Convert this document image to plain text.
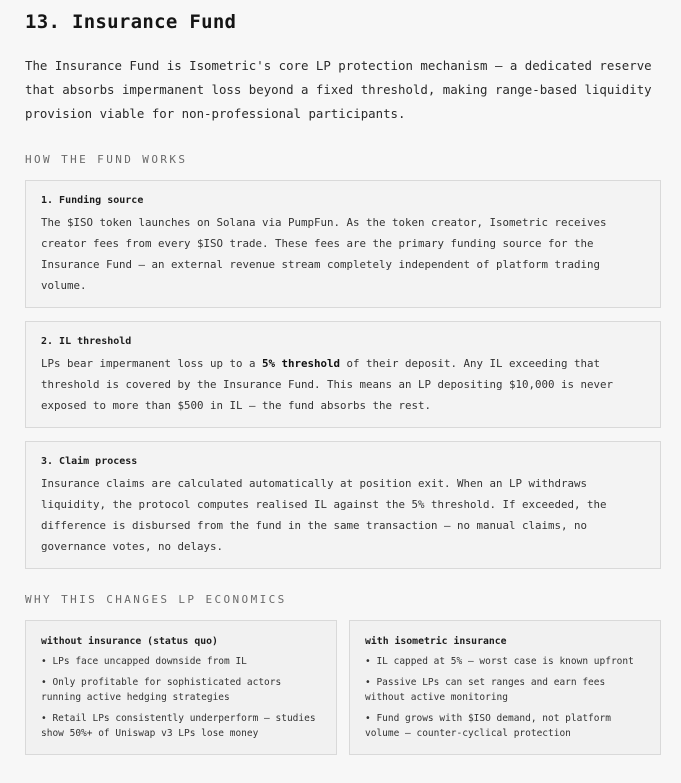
13. Insurance Fund

The Insurance Fund is Isometric's core LP protection mechanism — a dedicated reserve that absorbs impermanent loss beyond a fixed threshold, making range-based liquidity provision viable for non-professional participants.

HOW THE FUND WORKS
1. Funding source
The $ISO token launches on Solana via PumpFun. As the token creator, Isometric receives creator fees from every $ISO trade. These fees are the primary funding source for the Insurance Fund — an external revenue stream completely independent of platform trading volume.
2. IL threshold
LPs bear impermanent loss up to a 5% threshold of their deposit. Any IL exceeding that threshold is covered by the Insurance Fund. This means an LP depositing $10,000 is never exposed to more than $500 in IL — the fund absorbs the rest.
3. Claim process
Insurance claims are calculated automatically at position exit. When an LP withdraws liquidity, the protocol computes realised IL against the 5% threshold. If exceeded, the difference is disbursed from the fund in the same transaction — no manual claims, no governance votes, no delays.
WHY THIS CHANGES LP ECONOMICS
without insurance (status quo)
• LPs face uncapped downside from IL
• Only profitable for sophisticated actors running active hedging strategies
• Retail LPs consistently underperform — studies show 50%+ of Uniswap v3 LPs lose money
with isometric insurance
• IL capped at 5% — worst case is known upfront
• Passive LPs can set ranges and earn fees without active monitoring
• Fund grows with $ISO demand, not platform volume — counter-cyclical protection
